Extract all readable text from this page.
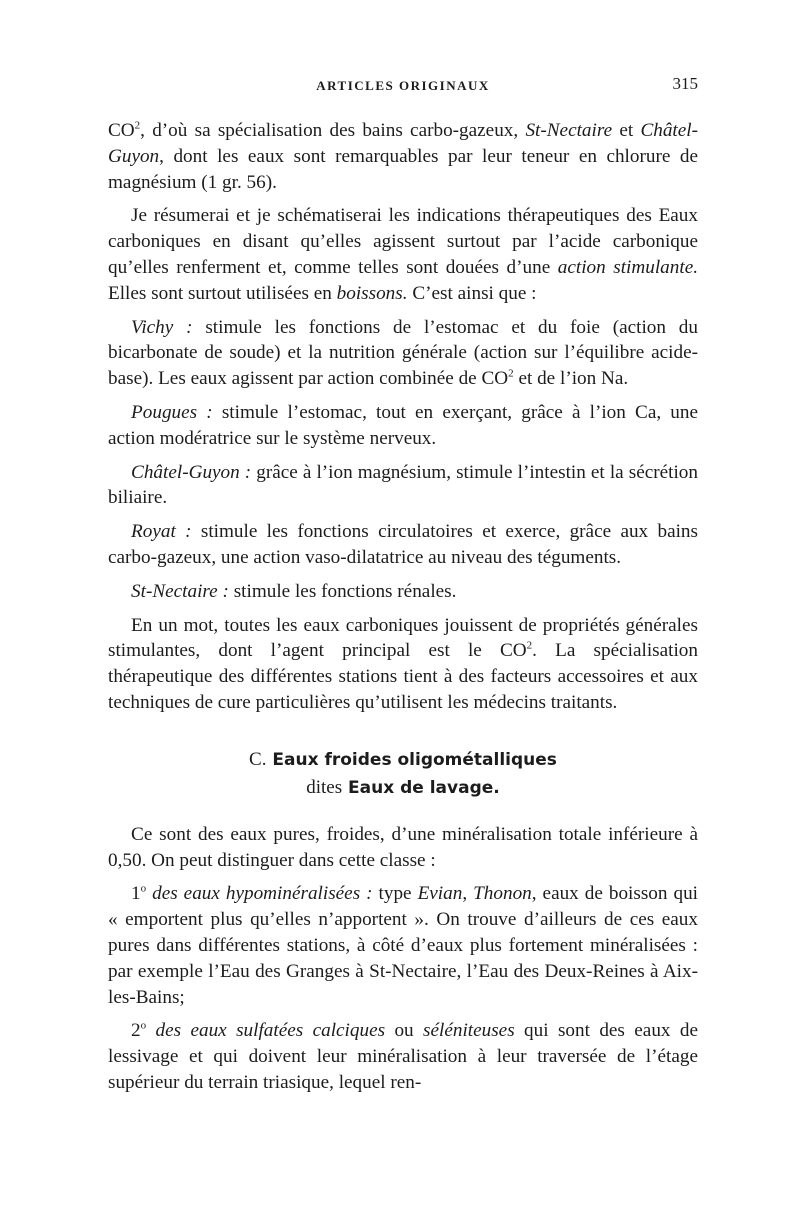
ARTICLES ORIGINAUX	315

$CO^2$, d’où sa spécialisation des bains carbo-gazeux, St-Nectaire et Châtel-Guyon, dont les eaux sont remarquables par leur teneur en chlorure de magnésium (1 gr. 56).

Je résumerai et je schématiserai les indications thérapeutiques des Eaux carboniques en disant qu’elles agissent surtout par l’acide carbonique qu’elles renferment et, comme telles sont douées d’une action stimulante. Elles sont surtout utilisées en boissons. C’est ainsi que :

Vichy : stimule les fonctions de l’estomac et du foie (action du bicarbonate de soude) et la nutrition générale (action sur l’équilibre acide-base). Les eaux agissent par action combinée de $CO^2$ et de l’ion Na.

Pougues : stimule l’estomac, tout en exerçant, grâce à l’ion Ca, une action modératrice sur le système nerveux.

Châtel-Guyon : grâce à l’ion magnésium, stimule l’intestin et la sécrétion biliaire.

Royat : stimule les fonctions circulatoires et exerce, grâce aux bains carbo-gazeux, une action vaso-dilatatrice au niveau des téguments.

St-Nectaire : stimule les fonctions rénales.

En un mot, toutes les eaux carboniques jouissent de propriétés générales stimulantes, dont l’agent principal est le $CO^2$. La spécialisation thérapeutique des différentes stations tient à des facteurs accessoires et aux techniques de cure particulières qu’utilisent les médecins traitants.

C. Eaux froides oligométalliques
dites Eaux de lavage.

Ce sont des eaux pures, froides, d’une minéralisation totale inférieure à 0,50. On peut distinguer dans cette classe :

1$^o$ des eaux hypominéralisées : type Evian, Thonon, eaux de boisson qui « emportent plus qu’elles n’apportent ». On trouve d’ailleurs de ces eaux pures dans différentes stations, à côté d’eaux plus fortement minéralisées : par exemple l’Eau des Granges à St-Nectaire, l’Eau des Deux-Reines à Aix-les-Bains;

2$^o$ des eaux sulfatées calciques ou séléniteuses qui sont des eaux de lessivage et qui doivent leur minéralisation à leur traversée de l’étage supérieur du terrain triasique, lequel ren-
